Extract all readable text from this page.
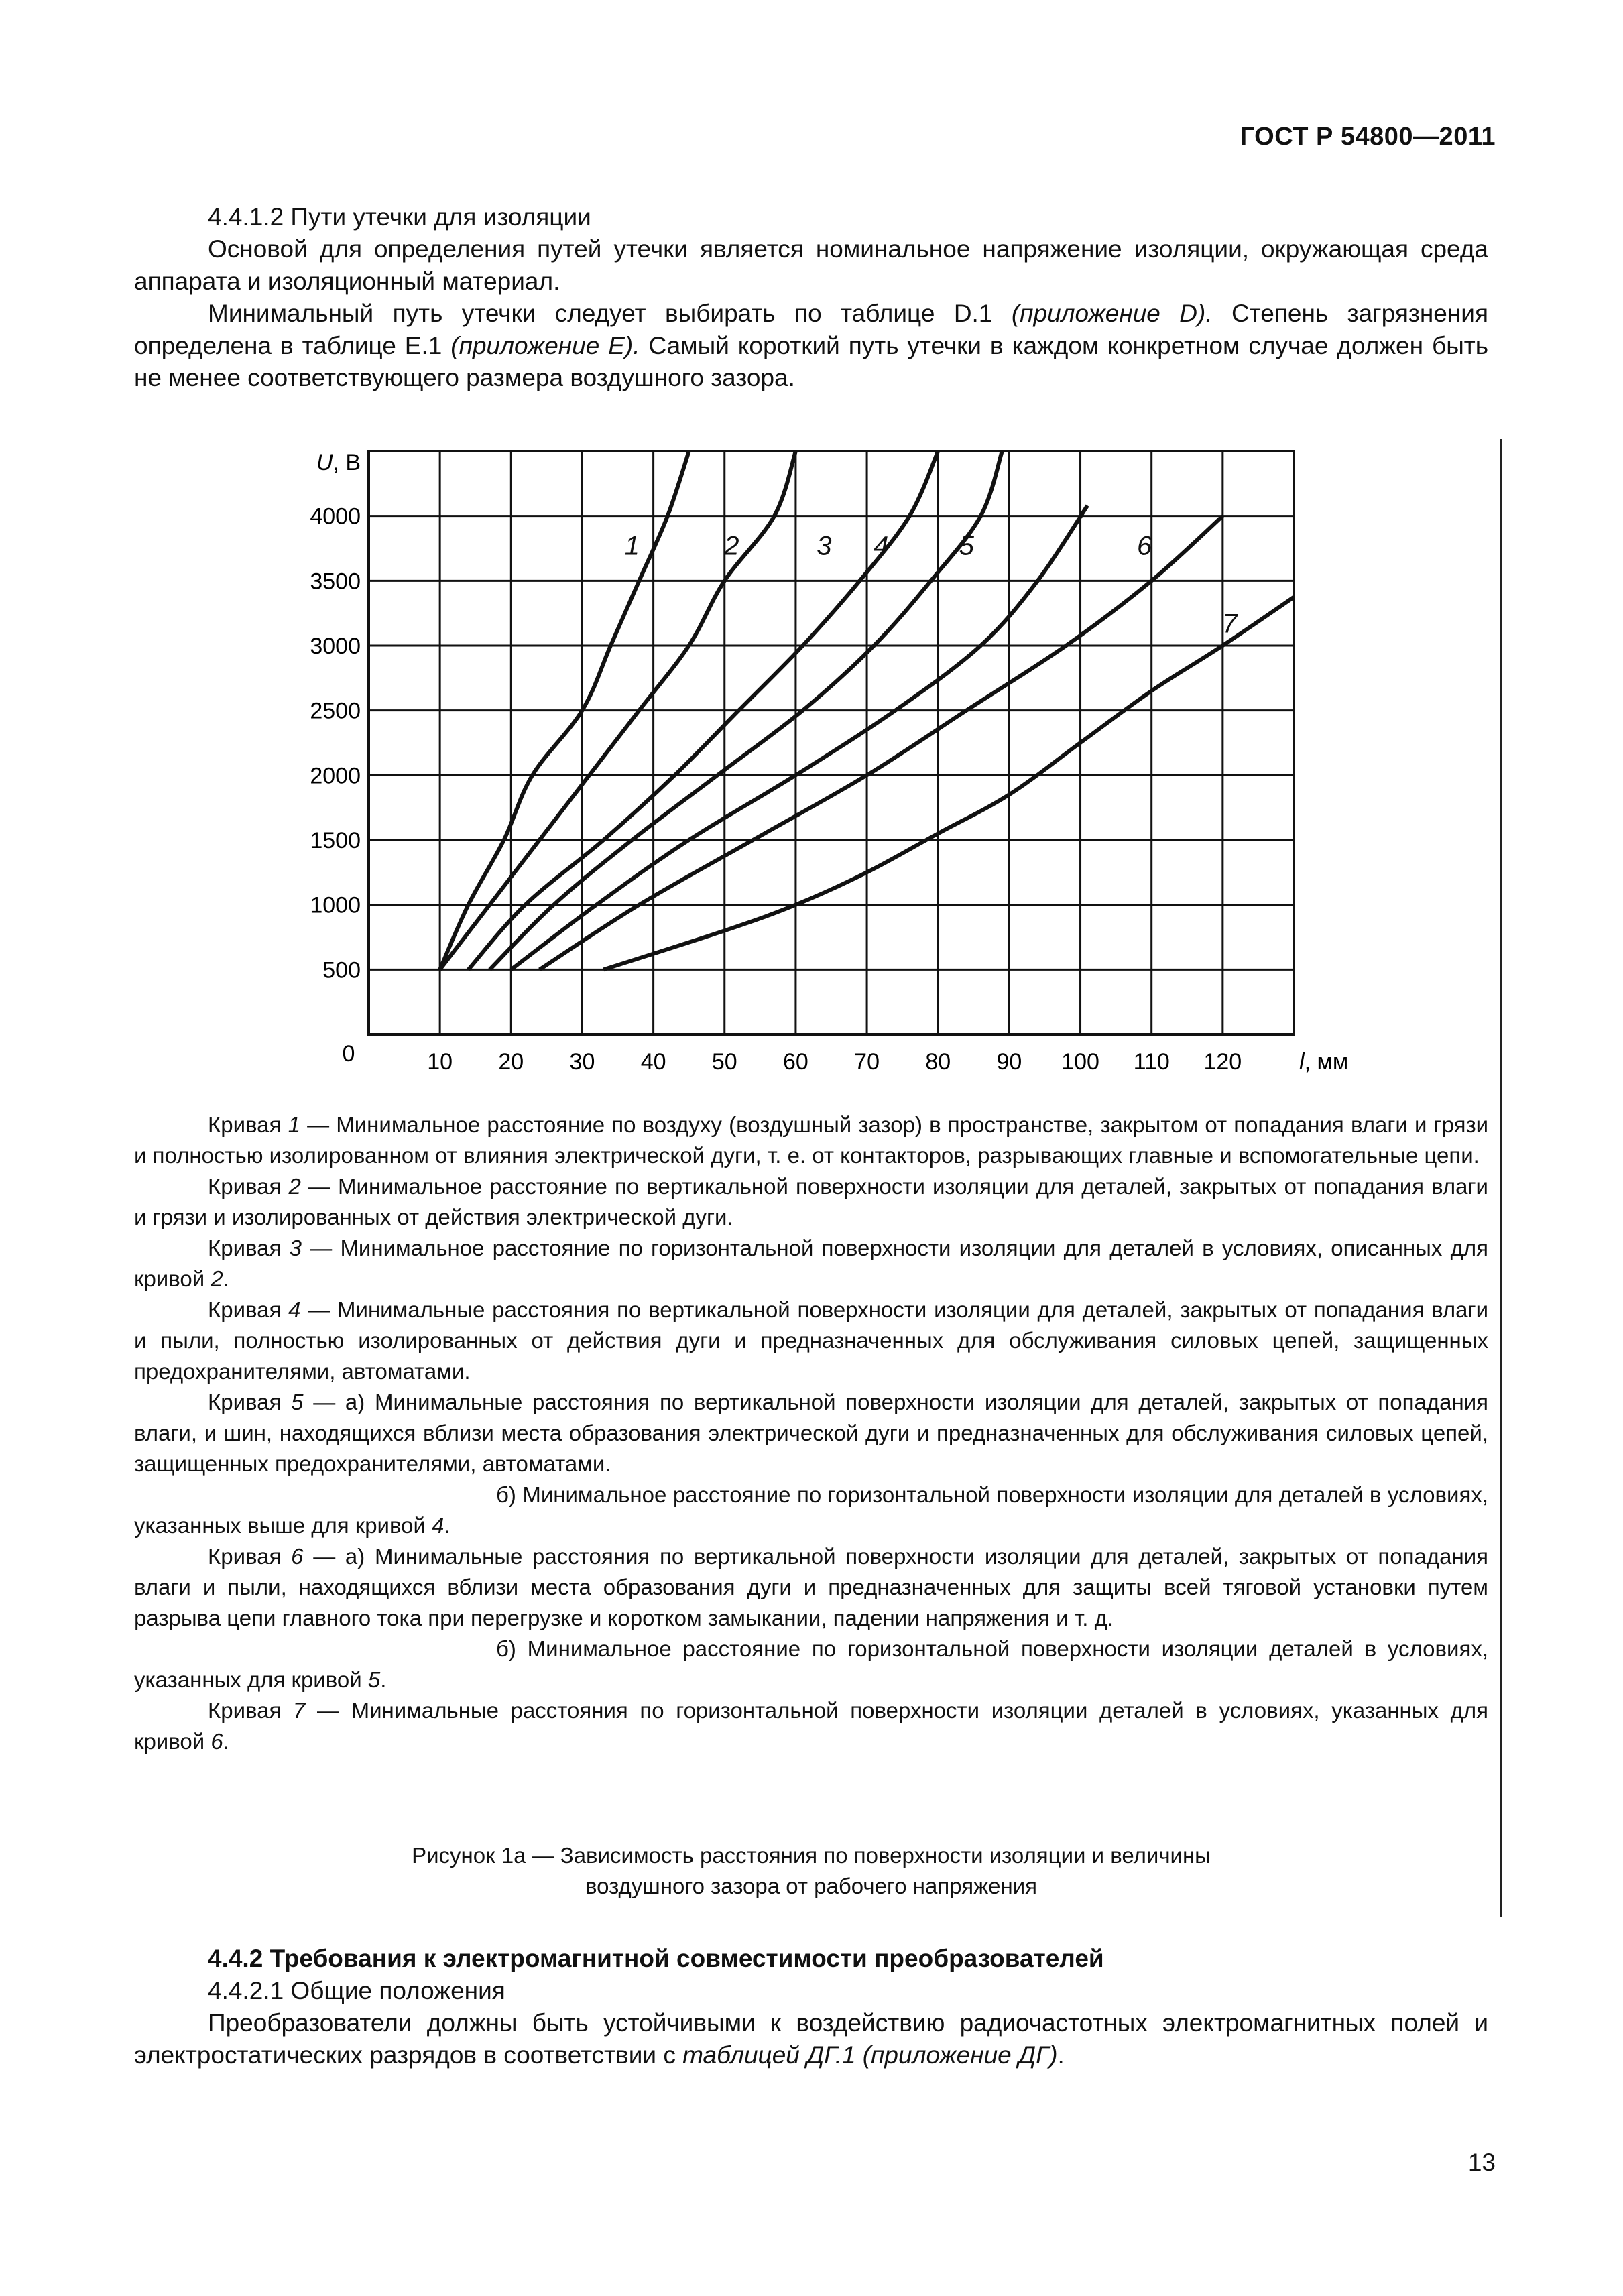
ГОСТ Р 54800—2011

4.4.1.2 Пути утечки для изоляции

Основой для определения путей утечки является номинальное напряжение изоляции, окружающая среда аппарата и изоляционный материал.

Минимальный путь утечки следует выбирать по таблице D.1 (приложение D). Степень загрязнения определена в таблице E.1 (приложение E). Самый короткий путь утечки в каждом конкретном случае должен быть не менее соответствующего размера воздушного зазора.

10 20 30 40 50 60 70 80 90 100 110 120
500
1000
1500
2000
2500
3000
3500
4000
0
U, В
l, мм
1	2	3 4	5	6
7

Кривая 1 — Минимальное расстояние по воздуху (воздушный зазор) в пространстве, закрытом от попадания влаги и грязи и полностью изолированном от влияния электрической дуги, т. е. от контакторов, разрывающих главные и вспомогательные цепи.

Кривая 2 — Минимальное расстояние по вертикальной поверхности изоляции для деталей, закрытых от попадания влаги и грязи и изолированных от действия электрической дуги.

Кривая 3 — Минимальное расстояние по горизонтальной поверхности изоляции для деталей в условиях, описанных для кривой 2.

Кривая 4 — Минимальные расстояния по вертикальной поверхности изоляции для деталей, закрытых от попадания влаги и пыли, полностью изолированных от действия дуги и предназначенных для обслуживания силовых цепей, защищенных предохранителями, автоматами.

Кривая 5 — а) Минимальные расстояния по вертикальной поверхности изоляции для деталей, закрытых от попадания влаги, и шин, находящихся вблизи места образования электрической дуги и предназначенных для обслуживания силовых цепей, защищенных предохранителями, автоматами.

б) Минимальное расстояние по горизонтальной поверхности изоляции для деталей в условиях, указанных выше для кривой 4.

Кривая 6 — а) Минимальные расстояния по вертикальной поверхности изоляции для деталей, закрытых от попадания влаги и пыли, находящихся вблизи места образования дуги и предназначенных для защиты всей тяговой установки путем разрыва цепи главного тока при перегрузке и коротком замыкании, падении напряжения и т. д.

б) Минимальное расстояние по горизонтальной поверхности изоляции деталей в условиях, указанных для кривой 5.

Кривая 7 — Минимальные расстояния по горизонтальной поверхности изоляции деталей в условиях, указанных для кривой 6.

Рисунок 1а — Зависимость расстояния по поверхности изоляции и величины
воздушного зазора от рабочего напряжения

4.4.2 Требования к электромагнитной совместимости преобразователей

4.4.2.1 Общие положения

Преобразователи должны быть устойчивыми к воздействию радиочастотных электромагнитных полей и электростатических разрядов в соответствии с таблицей ДГ.1 (приложение ДГ).

13
